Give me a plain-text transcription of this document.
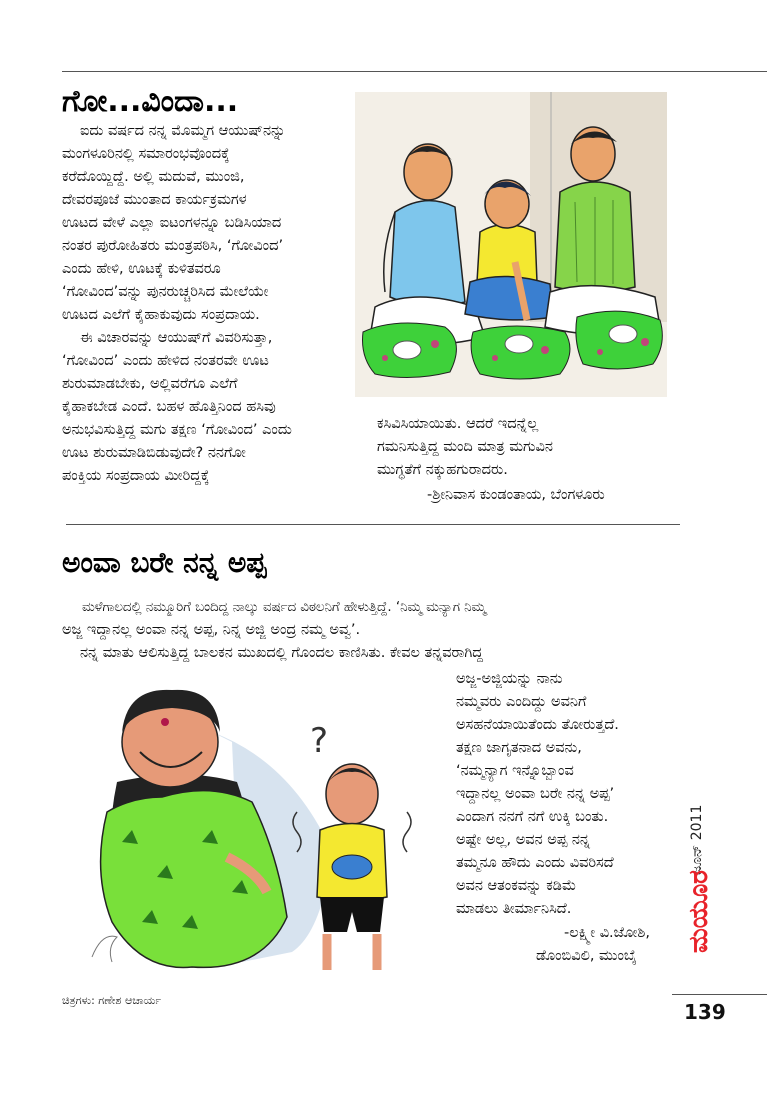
ಗೋ...ವಿಂದಾ...
ಐದು ವರ್ಷದ ನನ್ನ ಮೊಮ್ಮಗ ಆಯುಷ್‌ನನ್ನು
ಮಂಗಳೂರಿನಲ್ಲಿ ಸಮಾರಂಭವೊಂದಕ್ಕೆ
ಕರೆದೊಯ್ದಿದ್ದೆ. ಅಲ್ಲಿ ಮದುವೆ, ಮುಂಜಿ,
ದೇವರಪೂಜೆ ಮುಂತಾದ ಕಾರ್ಯಕ್ರಮಗಳ
ಊಟದ ವೇಳೆ ಎಲ್ಲಾ ಐಟಂಗಳನ್ನೂ ಬಡಿಸಿಯಾದ
ನಂತರ ಪುರೋಹಿತರು ಮಂತ್ರಪಠಿಸಿ, ‘ಗೋವಿಂದ’
ಎಂದು ಹೇಳಿ, ಊಟಕ್ಕೆ ಕುಳಿತವರೂ
‘ಗೋವಿಂದ’ವನ್ನು ಪುನರುಚ್ಚರಿಸಿದ ಮೇಲೆಯೇ
ಊಟದ ಎಲೆಗೆ ಕೈಹಾಕುವುದು ಸಂಪ್ರದಾಯ.
ಈ ವಿಚಾರವನ್ನು ಆಯುಷ್‌ಗೆ ವಿವರಿಸುತ್ತಾ,
‘ಗೋವಿಂದ’ ಎಂದು ಹೇಳಿದ ನಂತರವೇ ಊಟ
ಶುರುಮಾಡಬೇಕು, ಅಲ್ಲಿವರೆಗೂ ಎಲೆಗೆ
ಕೈಹಾಕಬೇಡ ಎಂದೆ. ಬಹಳ ಹೊತ್ತಿನಿಂದ ಹಸಿವು
ಅನುಭವಿಸುತ್ತಿದ್ದ ಮಗು ತಕ್ಷಣ ‘ಗೋವಿಂದ’ ಎಂದು
ಊಟ ಶುರುಮಾಡಿಬಿಡುವುದೇ? ನನಗೋ
ಪಂಕ್ತಿಯ ಸಂಪ್ರದಾಯ ಮೀರಿದ್ದಕ್ಕೆ
ಕಸಿವಿಸಿಯಾಯಿತು. ಆದರೆ ಇದನ್ನೆಲ್ಲ
ಗಮನಿಸುತ್ತಿದ್ದ ಮಂದಿ ಮಾತ್ರ ಮಗುವಿನ
ಮುಗ್ಧತೆಗೆ ನಕ್ಕುಹಗುರಾದರು.
-ಶ್ರೀನಿವಾಸ ಕುಂಡಂತಾಯ, ಬೆಂಗಳೂರು
ಅಂವಾ ಬರೇ ನನ್ನ ಅಪ್ಪ
ಮಳೆಗಾಲದಲ್ಲಿ ನಮ್ಮೂರಿಗೆ ಬಂದಿದ್ದ ನಾಲ್ಕು ವರ್ಷದ ವಿಠಲನಿಗೆ ಹೇಳುತ್ತಿದ್ದೆ. ‘ನಿಮ್ಮ ಮನ್ಯಾಗ ನಿಮ್ಮ
ಅಜ್ಜ ಇದ್ದಾನಲ್ಲ ಅಂವಾ ನನ್ನ ಅಪ್ಪ, ನಿನ್ನ ಅಜ್ಜಿ ಅಂದ್ರ ನಮ್ಮ ಅವ್ವ’.
ನನ್ನ ಮಾತು ಆಲಿಸುತ್ತಿದ್ದ ಬಾಲಕನ ಮುಖದಲ್ಲಿ ಗೊಂದಲ ಕಾಣಿಸಿತು. ಕೇವಲ ತನ್ನವರಾಗಿದ್ದ
ಅಜ್ಜ-ಅಜ್ಜಿಯನ್ನು ನಾನು
ನಮ್ಮವರು ಎಂದಿದ್ದು ಅವನಿಗೆ
ಅಸಹನೆಯಾಯಿತೆಂದು ತೋರುತ್ತದೆ.
ತಕ್ಷಣ ಜಾಗೃತನಾದ ಅವನು,
‘ನಮ್ಮನ್ಯಾಗ ಇನ್ನೊಬ್ಬಾಂವ
ಇದ್ದಾನಲ್ಲ ಅಂವಾ ಬರೇ ನನ್ನ ಅಪ್ಪ’
ಎಂದಾಗ ನನಗೆ ನಗೆ ಉಕ್ಕಿ ಬಂತು.
ಅಷ್ಟೇ ಅಲ್ಲ, ಅವನ ಅಪ್ಪ ನನ್ನ
ತಮ್ಮನೂ ಹೌದು ಎಂದು ವಿವರಿಸದೆ
ಅವನ ಆತಂಕವನ್ನು ಕಡಿಮೆ
ಮಾಡಲು ತೀರ್ಮಾನಿಸಿದೆ.
-ಲಕ್ಷ್ಮೀ ವಿ.ಜೋಶಿ,
ಡೊಂಬಿವಿಲಿ, ಮುಂಬೈ
?
ಚಿತ್ರಗಳು: ಗಣೇಶ ಆಚಾರ್ಯ
ಜೂನ್ 2011
ಮಯೂರ
139
